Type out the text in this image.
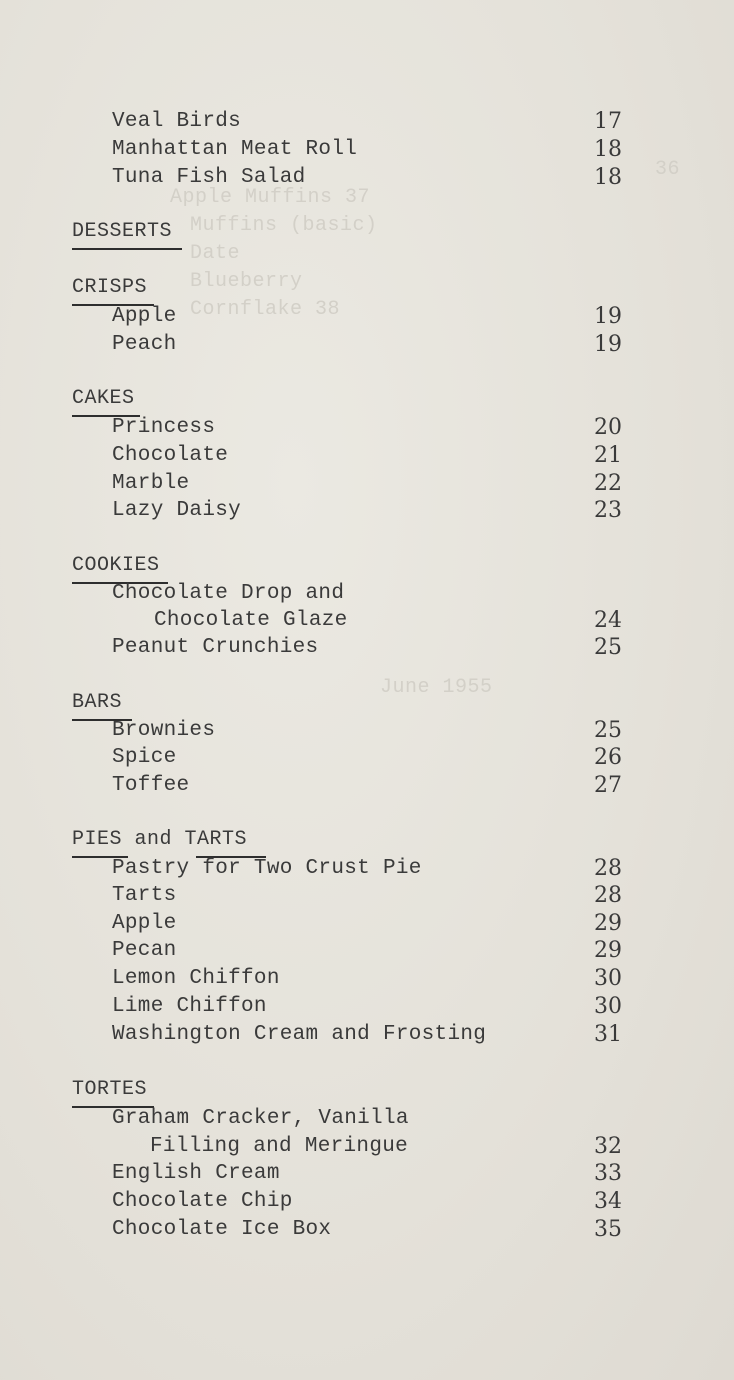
36
Apple Muffins 37
Muffins (basic)
Date
Blueberry
Cornflake 38
June 1955
Veal Birds	17
Manhattan Meat Roll	18
Tuna Fish Salad	18
DESSERTS
CRISPS
Apple	19
Peach	19
CAKES
Princess	20
Chocolate	21
Marble	22
Lazy Daisy	23
COOKIES
Chocolate Drop and
Chocolate Glaze	24
Peanut Crunchies	25
BARS
Brownies	25
Spice	26
Toffee	27
PIES and TARTS
Pastry for Two Crust Pie	28
Tarts	28
Apple	29
Pecan	29
Lemon Chiffon	30
Lime Chiffon	30
Washington Cream and Frosting	31
TORTES
Graham Cracker, Vanilla
Filling and Meringue	32
English Cream	33
Chocolate Chip	34
Chocolate Ice Box	35
